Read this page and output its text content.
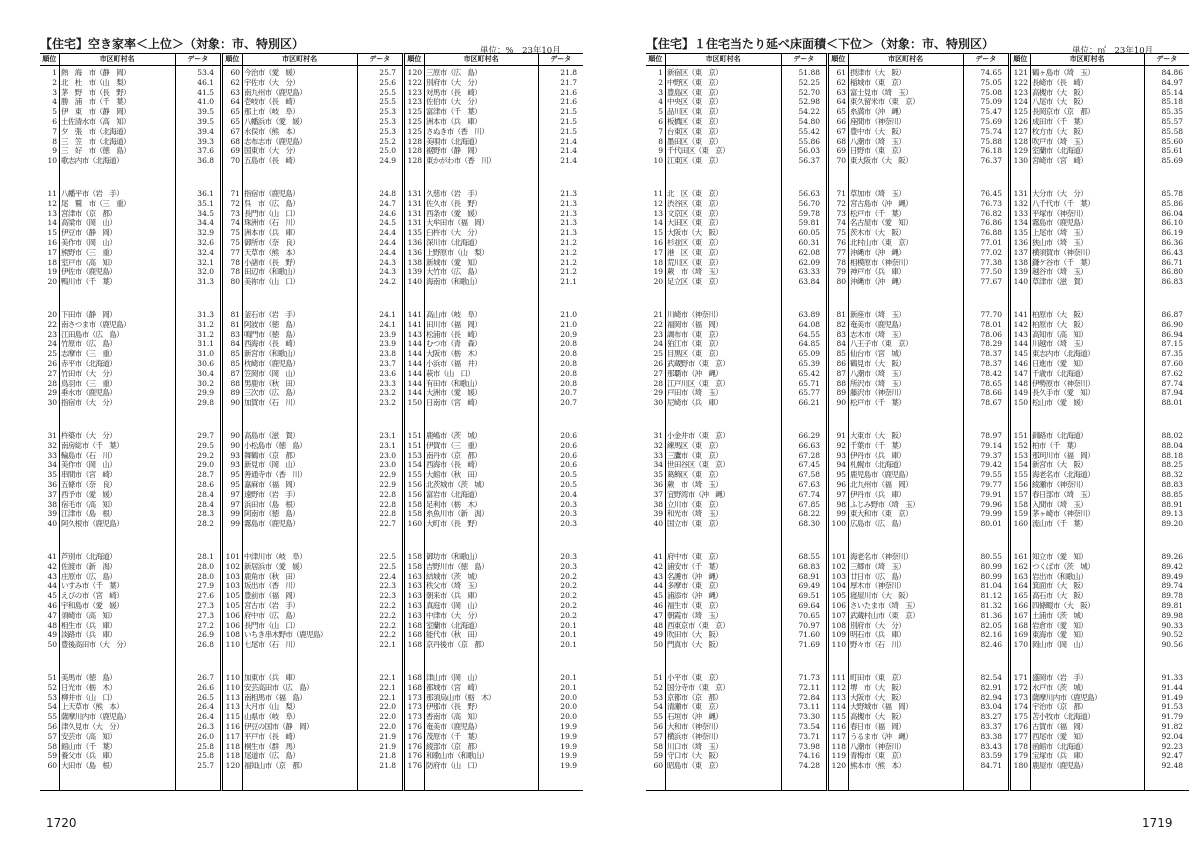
【住宅】空き家率＜上位＞（対象：市、特別区）	単位：%　23年10月
順位	市区町村名	データ
1 熱　海　市（静　岡）	53.4
2 北　杜　市（山　梨）	46.1
3 茅　野　市（長　野）	41.5
4 勝　浦　市（千　葉）	41.0
5 伊　東　市（静　岡）	39.5
6 土佐清水市（高　知）	39.5
7 夕　張　市（北海道）	39.4
8 三　笠　市（北海道）	39.3
9 三　好　市（徳　島）	37.6
10 歌志内市（北海道）	36.8
11 八幡平市（岩　手）	36.1
12 尾　鷲　市（三　重）	35.1
13 宮津市（京　都）	34.5
14 高梁市（岡　山）	34.4
15 伊豆市（静　岡）	32.9
16 美作市（岡　山）	32.6
17 熊野市（三　重）	32.4
18 室戸市（高　知）	32.1
19 伊佐市（鹿児島）	32.0
20 鴨川市（千　葉）	31.3
20 下田市（静　岡）	31.3
22 南さつま市（鹿児島）	31.2
23 江田島市（広　島）	31.2
24 竹原市（広　島）	31.1
25 志摩市（三　重）	31.0
26 赤平市（北海道）	30.6
27 竹田市（大　分）	30.4
28 鳥羽市（三　重）	30.2
29 垂水市（鹿児島）	29.9
30 指宿市（大　分）	29.8
31 杵築市（大　分）	29.7
32 南房総市（千　葉）	29.5
33 輪島市（石　川）	29.2
34 美作市（岡　山）	29.0
35 串間市（宮　崎）	28.7
36 五條市（奈　良）	28.6
37 西予市（愛　媛）	28.4
38 宿毛市（高　知）	28.4
39 江津市（島　根）	28.3
40 阿久根市（鹿児島）	28.2
41 芦別市（北海道）	28.1
42 佐渡市（新　潟）	28.0
43 庄原市（広　島）	28.0
44 いすみ市（千　葉）	27.9
45 えびの市（宮　崎）	27.6
46 宇和島市（愛　媛）	27.3
47 須崎市（高　知）	27.3
48 相生市（兵　庫）	27.2
49 淡路市（兵　庫）	26.9
50 豊後高田市（大　分）	26.8
51 美馬市（徳　島）	26.7
52 日光市（栃　木）	26.6
53 柳井市（山　口）	26.5
54 上天草市（熊　本）	26.4
55 薩摩川内市（鹿児島）	26.4
56 津久見市（大　分）	26.3
57 安芸市（高　知）	26.0
58 館山市（千　葉）	25.8
59 養父市（兵　庫）	25.8
60 大田市（島　根）	25.7
順位	市区町村名	データ
60 今治市（愛　媛）	25.7
62 宇佐市（大　分）	25.6
63 南九州市（鹿児島）	25.5
64 壱岐市（長　崎）	25.5
65 那上市（岐　阜）	25.3
65 八幡浜市（愛　媛）	25.3
67 水俣市（熊　本）	25.3
68 志布志市（鹿児島）	25.2
69 国東市（大　分）	25.0
70 五島市（長　崎）	24.9
71 指宿市（鹿児島）	24.8
72 呉　市（広　島）	24.7
73 長門市（山　口）	24.6
74 珠洲市（石　川）	24.5
75 洲本市（兵　庫）	24.4
75 御所市（奈　良）	24.4
77 天草市（熊　本）	24.4
78 小諸市（長　野）	24.3
78 田辺市（和歌山）	24.3
80 美祢市（山　口）	24.2
81 釜石市（岩　手）	24.1
81 阿波市（徳　島）	24.1
83 鳴門市（徳　島）	23.9
84 西海市（長　崎）	23.9
85 新宮市（和歌山）	23.8
85 枕崎市（鹿児島）	23.7
87 笠岡市（岡　山）	23.6
88 男鹿市（秋　田）	23.3
89 三次市（広　島）	23.2
90 加賀市（石　川）	23.2
90 高島市（滋　賀）	23.1
90 小松島市（徳　島）	23.1
93 舞鶴市（京　都）	23.0
93 新見市（岡　山）	23.0
95 善通寺市（香　川）	22.9
95 嘉麻市（福　岡）	22.9
97 遠野市（岩　手）	22.8
97 浜田市（島　根）	22.8
99 阿南市（徳　島）	22.8
99 霧島市（鹿児島）	22.7
101 中津川市（岐　阜）	22.5
102 新居浜市（愛　媛）	22.5
103 鹿角市（秋　田）	22.4
103 坂出市（香　川）	22.3
105 豊前市（福　岡）	22.3
105 宮古市（岩　手）	22.2
106 府中市（広　島）	22.2
106 長門市（山　口）	22.2
108 いちき串木野市（鹿児島）	22.2
110 七尾市（石　川）	22.1
110 加東市（兵　庫）	22.1
110 安芸高田市（広　島）	22.1
113 南相馬市（福　島）	22.1
113 大月市（山　梨）	22.0
115 山県市（岐　阜）	22.0
116 伊豆の国市（静　岡）	22.0
117 平戸市（長　崎）	21.9
118 桐生市（群　馬）	21.9
118 尾道市（広　島）	21.8
120 福知山市（京　都）	21.8
順位	市区町村名	データ
120 三原市（広　島）	21.8
122 別府市（大　分）	21.7
123 対馬市（長　崎）	21.6
123 佐伯市（大　分）	21.6
125 富津市（千　葉）	21.5
125 洲本市（兵　庫）	21.5
125 さぬき市（香　川）	21.5
128 美唄市（北海道）	21.4
128 裾野市（静　岡）	21.4
128 東かがわ市（香　川）	21.4
131 久慈市（岩　手）	21.3
131 佐久市（長　野）	21.3
131 西条市（愛　媛）	21.3
131 大牟田市（福　岡）	21.3
135 臼杵市（大　分）	21.3
136 深川市（北海道）	21.2
136 上野原市（山　梨）	21.2
138 新城市（愛　知）	21.2
139 大竹市（広　島）	21.2
140 海南市（和歌山）	21.1
141 高山市（岐　阜）	21.0
141 田川市（福　岡）	21.0
143 松浦市（長　崎）	20.9
144 むつ市（青　森）	20.8
144 大阪市（栃　木）	20.8
144 小浜市（福　井）	20.8
144 萩市（山　口）	20.8
144 有田市（和歌山）	20.8
144 大洲市（愛　媛）	20.7
150 日南市（宮　崎）	20.7
151 鹿嶋市（茨　城）	20.6
151 伊賀市（三　重）	20.6
153 南丹市（京　都）	20.6
154 西海市（長　崎）	20.6
155 大館市（秋　田）	20.5
156 北茨城市（茨　城）	20.5
156 富岩市（北海道）	20.4
158 足利市（栃　木）	20.3
158 糸魚川市（新　潟）	20.3
160 大町市（長　野）	20.3
158 御坊市（和歌山）	20.3
158 吉野川市（徳　島）	20.3
163 結城市（茨　城）	20.2
163 秩父市（埼　玉）	20.2
163 朝来市（兵　庫）	20.2
163 真庭市（岡　山）	20.2
163 中津市（大　分）	20.2
168 室蘭市（北海道）	20.1
168 能代市（秋　田）	20.1
168 京丹後市（京　都）	20.1
168 津山市（岡　山）	20.1
168 都城市（宮　崎）	20.1
173 那須烏山市（栃　木）	20.0
173 伊那市（長　野）	20.0
173 香南市（高　知）	20.0
176 奄美市（鹿児島）	19.9
176 茂原市（千　葉）	19.9
176 綾部市（京　都）	19.9
176 和歌山市（和歌山）	19.9
176 防府市（山　口）	19.9
1720
【住宅】１住宅当たり延べ床面積＜下位＞（対象：市、特別区）	単位：㎡　23年10月
順位	市区町村名	データ
1 新宿区（東　京）	51.88
2 中野区（東　京）	52.25
3 豊島区（東　京）	52.70
4 中央区（東　京）	52.98
5 品川区（東　京）	54.22
6 板橋区（東　京）	54.80
7 台東区（東　京）	55.42
8 墨田区（東　京）	55.86
9 千代田区（東　京）	56.03
10 江東区（東　京）	56.37
11 北　区（東　京）	56.63
12 渋谷区（東　京）	56.70
13 文京区（東　京）	59.78
14 大田区（東　京）	59.81
15 大阪市（大　阪）	60.05
16 杉並区（東　京）	60.31
17 港　区（東　京）	62.08
18 荒川区（東　京）	62.09
19 蕨　市（埼　玉）	63.33
20 足立区（東　京）	63.84
21 川崎市（神奈川）	63.89
22 福岡市（福　岡）	64.08
23 調布市（東　京）	64.55
24 狛江市（東　京）	64.85
25 目黒区（東　京）	65.09
26 武蔵野市（東　京）	65.39
27 那覇市（沖　縄）	65.42
28 江戸川区（東　京）	65.71
29 戸田市（埼　玉）	65.77
30 尼崎市（兵　庫）	66.21
31 小金井市（東　京）	66.29
32 練馬区（東　京）	66.63
33 三鷹市（東　京）	67.28
34 世田谷区（東　京）	67.45
35 葛飾区（東　京）	67.58
36 蕨　市（埼　玉）	67.63
37 宜野湾市（沖　縄）	67.74
38 立川市（東　京）	67.85
39 和光市（埼　玉）	68.22
40 国立市（東　京）	68.30
41 府中市（東　京）	68.55
42 浦安市（千　葉）	68.83
43 名護市（沖　縄）	68.91
44 多摩市（東　京）	69.49
45 浦添市（沖　縄）	69.51
46 福生市（東　京）	69.64
47 朝霞市（埼　玉）	70.65
48 西東京市（東　京）	70.97
49 吹田市（大　阪）	71.60
50 門真市（大　阪）	71.69
51 小平市（東　京）	71.73
52 国分寺市（東　京）	72.11
53 京都市（京　都）	72.84
54 清瀬市（東　京）	73.11
55 石垣市（沖　縄）	73.30
56 大和市（神奈川）	73.54
57 横浜市（神奈川）	73.71
58 川口市（埼　玉）	73.98
59 守口市（大　阪）	74.16
60 昭島市（東　京）	74.28
順位	市区町村名	データ
61 摂津市（大　阪）	74.65
62 稲城市（東　京）	75.05
63 富士見市（埼　玉）	75.08
64 東久留米市（東　京）	75.09
65 糸満市（沖　縄）	75.47
66 座間市（神奈川）	75.69
67 豊中市（大　阪）	75.74
68 八潮市（埼　玉）	75.88
69 日野市（東　京）	76.18
70 東大阪市（大　阪）	76.37
71 草加市（埼　玉）	76.45
72 宮古島市（沖　縄）	76.73
73 松戸市（千　葉）	76.82
74 名古屋市（愛　知）	76.86
75 茨木市（大　阪）	76.88
76 北村山市（東　京）	77.01
77 沖縄市（沖　縄）	77.02
78 相模原市（神奈川）	77.38
79 神戸市（兵　庫）	77.50
80 沖縄市（沖　縄）	77.67
81 新座市（埼　玉）	77.70
82 奄美市（鹿児島）	78.01
83 志木市（埼　玉）	78.06
84 八王子市（東　京）	78.29
85 仙台市（宮　城）	78.37
86 鶴見市（大　阪）	78.37
87 八潮市（埼　玉）	78.42
88 所沢市（埼　玉）	78.65
89 藤沢市（神奈川）	78.66
90 松戸市（千　葉）	78.67
91 大東市（大　阪）	78.97
92 千葉市（千　葉）	79.14
93 伊丹市（兵　庫）	79.37
94 札幌市（北海道）	79.42
95 鹿児島市（鹿児島）	79.55
96 北九州市（福　岡）	79.77
97 伊丹市（兵　庫）	79.91
98 ふじみ野市（埼　玉）	79.96
99 東大和市（東　京）	79.99
100 広島市（広　島）	80.01
101 海老名市（神奈川）	80.55
102 三郷市（埼　玉）	80.99
103 廿日市（広　島）	80.99
104 厚木市（神奈川）	81.04
105 寝屋川市（大　阪）	81.12
106 さいたま市（埼　玉）	81.32
107 武蔵村山市（東　京）	81.36
108 別府市（大　分）	82.05
109 明石市（兵　庫）	82.16
110 野々市（石　川）	82.46
111 町田市（東　京）	82.54
112 堺　市（大　阪）	82.91
113 大阪市（大　阪）	82.94
114 大野城市（福　岡）	83.04
115 高槻市（大　阪）	83.27
116 春日市（福　岡）	83.37
117 うるま市（沖　縄）	83.38
118 八潮市（神奈川）	83.43
119 青梅市（東　京）	83.59
120 熊本市（熊　本）	84.71
順位	市区町村名	データ
121 鶴ヶ島市（埼　玉）	84.86
122 長崎市（長　崎）	84.97
123 高槻市（大　阪）	85.14
124 八尾市（大　阪）	85.18
125 長岡京市（京　都）	85.35
126 成田市（千　葉）	85.57
127 枚方市（大　阪）	85.58
128 吹戸市（埼　玉）	85.60
129 室蘭市（北海道）	85.61
130 宮崎市（宮　崎）	85.69
131 大分市（大　分）	85.78
132 八千代市（千　葉）	85.86
133 平塚市（神奈川）	86.04
134 霧島市（鹿児島）	86.10
135 上尾市（埼　玉）	86.19
136 狭山市（埼　玉）	86.36
137 横須賀市（神奈川）	86.43
138 鎌ケ谷市（千　葉）	86.71
139 越谷市（埼　玉）	86.80
140 草津市（滋　賀）	86.83
141 柏原市（大　阪）	86.87
142 柏原市（大　阪）	86.90
143 高知市（高　知）	86.94
144 川越市（埼　玉）	87.15
145 東志内市（北海道）	87.35
146 日進市（愛　知）	87.60
147 千歳市（北海道）	87.62
148 伊勢原市（神奈川）	87.74
149 長久手市（愛　知）	87.94
150 松山市（愛　媛）	88.01
151 釧路市（北海道）	88.02
152 柏市（千　葉）	88.04
153 那珂川市（福　岡）	88.18
154 新宮市（大　阪）	88.25
155 海老名市（北海道）	88.32
156 綾瀬市（神奈川）	88.83
157 春日部市（埼　玉）	88.85
158 入間市（埼　玉）	88.91
159 茅ヶ崎市（神奈川）	89.13
160 流山市（千　葉）	89.20
161 知立市（愛　知）	89.26
162 つくば市（茨　城）	89.42
163 岩出市（和歌山）	89.49
164 箕面市（大　阪）	89.74
165 高石市（大　阪）	89.78
166 四條畷市（大　阪）	89.81
167 土浦市（茨　城）	89.98
168 岩倉市（愛　知）	90.33
169 東海市（愛　知）	90.52
170 岡山市（岡　山）	90.56
171 盛岡市（岩　手）	91.33
172 水戸市（茨　城）	91.44
173 薩摩川内市（鹿児島）	91.49
174 宇治市（京　都）	91.53
175 苫小牧市（北海道）	91.79
176 古賀市（福　岡）	91.82
177 西尾市（愛　知）	92.04
178 函館市（北海道）	92.23
179 宝塚市（兵　庫）	92.47
180 鹿屋市（鹿児島）	92.48
1719
